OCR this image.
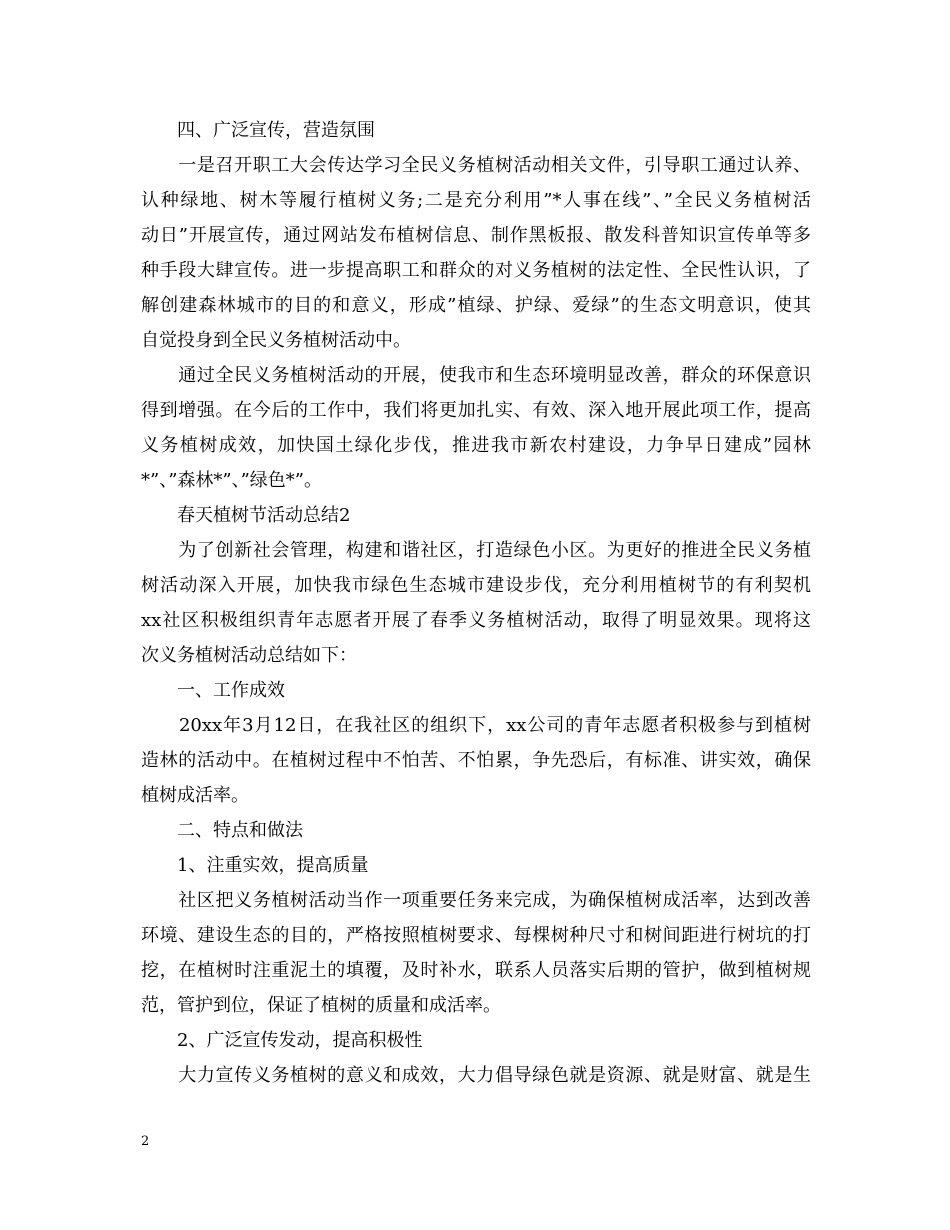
　　四、广泛宣传，营造氛围
　　一是召开职工大会传达学习全民义务植树活动相关文件，引导职工通过认养、
认种绿地、树木等履行植树义务;二是充分利用”*人事在线”、”全民义务植树活
动日”开展宣传，通过网站发布植树信息、制作黑板报、散发科普知识宣传单等多
种手段大肆宣传。进一步提高职工和群众的对义务植树的法定性、全民性认识，了
解创建森林城市的目的和意义，形成”植绿、护绿、爱绿”的生态文明意识，使其
自觉投身到全民义务植树活动中。
　　通过全民义务植树活动的开展，使我市和生态环境明显改善，群众的环保意识
得到增强。在今后的工作中，我们将更加扎实、有效、深入地开展此项工作，提高
义务植树成效，加快国土绿化步伐，推进我市新农村建设，力争早日建成”园林
*”、”森林*”、”绿色*”。
　　春天植树节活动总结2
　　为了创新社会管理，构建和谐社区，打造绿色小区。为更好的推进全民义务植
树活动深入开展，加快我市绿色生态城市建设步伐，充分利用植树节的有利契机
xx社区积极组织青年志愿者开展了春季义务植树活动，取得了明显效果。现将这
次义务植树活动总结如下：
　　一、工作成效
　　20xx年3月12日，在我社区的组织下，xx公司的青年志愿者积极参与到植树
造林的活动中。在植树过程中不怕苦、不怕累，争先恐后，有标准、讲实效，确保
植树成活率。
　　二、特点和做法
　　1、注重实效，提高质量
　　社区把义务植树活动当作一项重要任务来完成，为确保植树成活率，达到改善
环境、建设生态的目的，严格按照植树要求、每棵树种尺寸和树间距进行树坑的打
挖，在植树时注重泥土的填覆，及时补水，联系人员落实后期的管护，做到植树规
范，管护到位，保证了植树的质量和成活率。
　　2、广泛宣传发动，提高积极性
　　大力宣传义务植树的意义和成效，大力倡导绿色就是资源、就是财富、就是生
2
